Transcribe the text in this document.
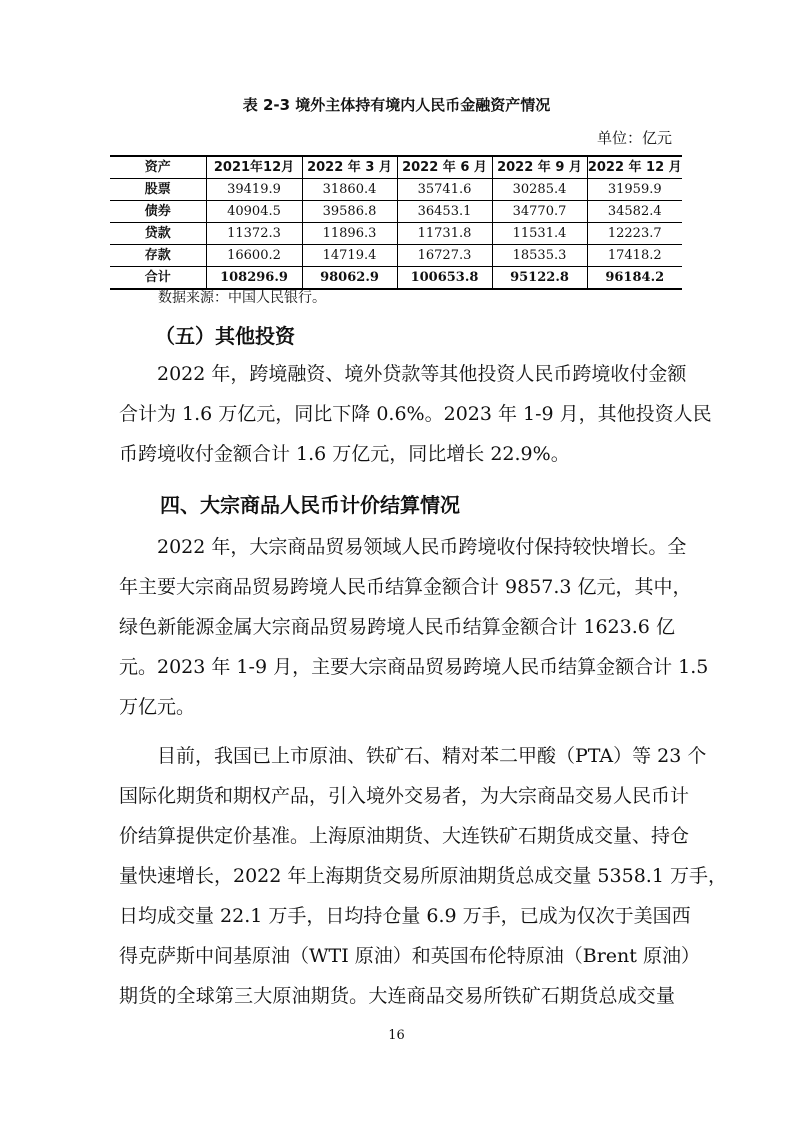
表 2-3 境外主体持有境内人民币金融资产情况
单位：亿元
资产	2021年12月	2022 年 3 月	2022 年 6 月	2022 年 9 月	2022 年 12 月
股票	39419.9	31860.4	35741.6	30285.4	31959.9
债券	40904.5	39586.8	36453.1	34770.7	34582.4
贷款	11372.3	11896.3	11731.8	11531.4	12223.7
存款	16600.2	14719.4	16727.3	18535.3	17418.2
合计	108296.9	98062.9	100653.8	95122.8	96184.2
数据来源：中国人民银行。
（五）其他投资
2022 年，跨境融资、境外贷款等其他投资人民币跨境收付金额
合计为 1.6 万亿元，同比下降 0.6%。2023 年 1-9 月，其他投资人民
币跨境收付金额合计 1.6 万亿元，同比增长 22.9%。
四、大宗商品人民币计价结算情况
2022 年，大宗商品贸易领域人民币跨境收付保持较快增长。全
年主要大宗商品贸易跨境人民币结算金额合计 9857.3 亿元，其中，
绿色新能源金属大宗商品贸易跨境人民币结算金额合计 1623.6 亿
元。2023 年 1-9 月，主要大宗商品贸易跨境人民币结算金额合计 1.5
万亿元。
目前，我国已上市原油、铁矿石、精对苯二甲酸（PTA）等 23 个
国际化期货和期权产品，引入境外交易者，为大宗商品交易人民币计
价结算提供定价基准。上海原油期货、大连铁矿石期货成交量、持仓
量快速增长，2022 年上海期货交易所原油期货总成交量 5358.1 万手，
日均成交量 22.1 万手，日均持仓量 6.9 万手，已成为仅次于美国西
得克萨斯中间基原油（WTI 原油）和英国布伦特原油（Brent 原油）
期货的全球第三大原油期货。大连商品交易所铁矿石期货总成交量
16
